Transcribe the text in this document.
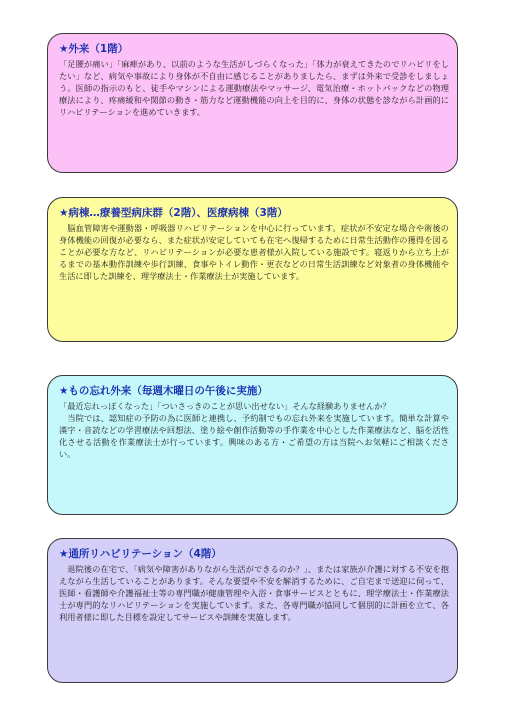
★外来（1階）

「足腰が痛い」「麻痺があり、以前のような生活がしづらくなった」「体力が衰えてきたのでリハビリをしたい」など、病気や事故により身体が不自由に感じることがありましたら、まずは外来で受診をしましょう。医師の指示のもと、徒手やマシンによる運動療法やマッサージ、電気治療・ホットパックなどの物理療法により、疼痛緩和や関節の動き・筋力など運動機能の向上を目的に、身体の状態を診ながら計画的にリハビリテーションを進めていきます。

★病棟…療養型病床群（2階）、医療病棟（3階）

　脳血管障害や運動器・呼吸器リハビリテーションを中心に行っています。症状が不安定な場合や術後の身体機能の回復が必要なら、また症状が安定していても在宅へ復帰するために日常生活動作の獲得を図ることが必要な方など、リハビリテーションが必要な患者様が入院している施設です。寝返りから立ち上がるまでの基本動作訓練や歩行訓練、食事やトイレ動作・更衣などの日常生活訓練など対象者の身体機能や生活に即した訓練を、理学療法士・作業療法士が実施しています。

★もの忘れ外来（毎週木曜日の午後に実施）

「最近忘れっぽくなった」「ついさっきのことが思い出せない」そんな経験ありませんか？

　当院では、認知症の予防の為に医師と連携し、予約制でもの忘れ外来を実施しています。簡単な計算や漢字・音読などの学習療法や回想法、塗り絵や創作活動等の手作業を中心とした作業療法など、脳を活性化させる活動を作業療法士が行っています。興味のある方・ご希望の方は当院へお気軽にご相談ください。

★通所リハビリテーション（4階）

　退院後の在宅で、「病気や障害がありながら生活ができるのか？」、または家族が介護に対する不安を抱えながら生活していることがあります。そんな要望や不安を解消するために、ご自宅まで送迎に伺って、医師・看護師や介護福祉士等の専門職が健康管理や入浴・食事サービスとともに、理学療法士・作業療法士が専門的なリハビリテーションを実施しています。また、各専門職が協同して個別的に計画を立て、各利用者様に即した目標を設定してサービスや訓練を実施します。
